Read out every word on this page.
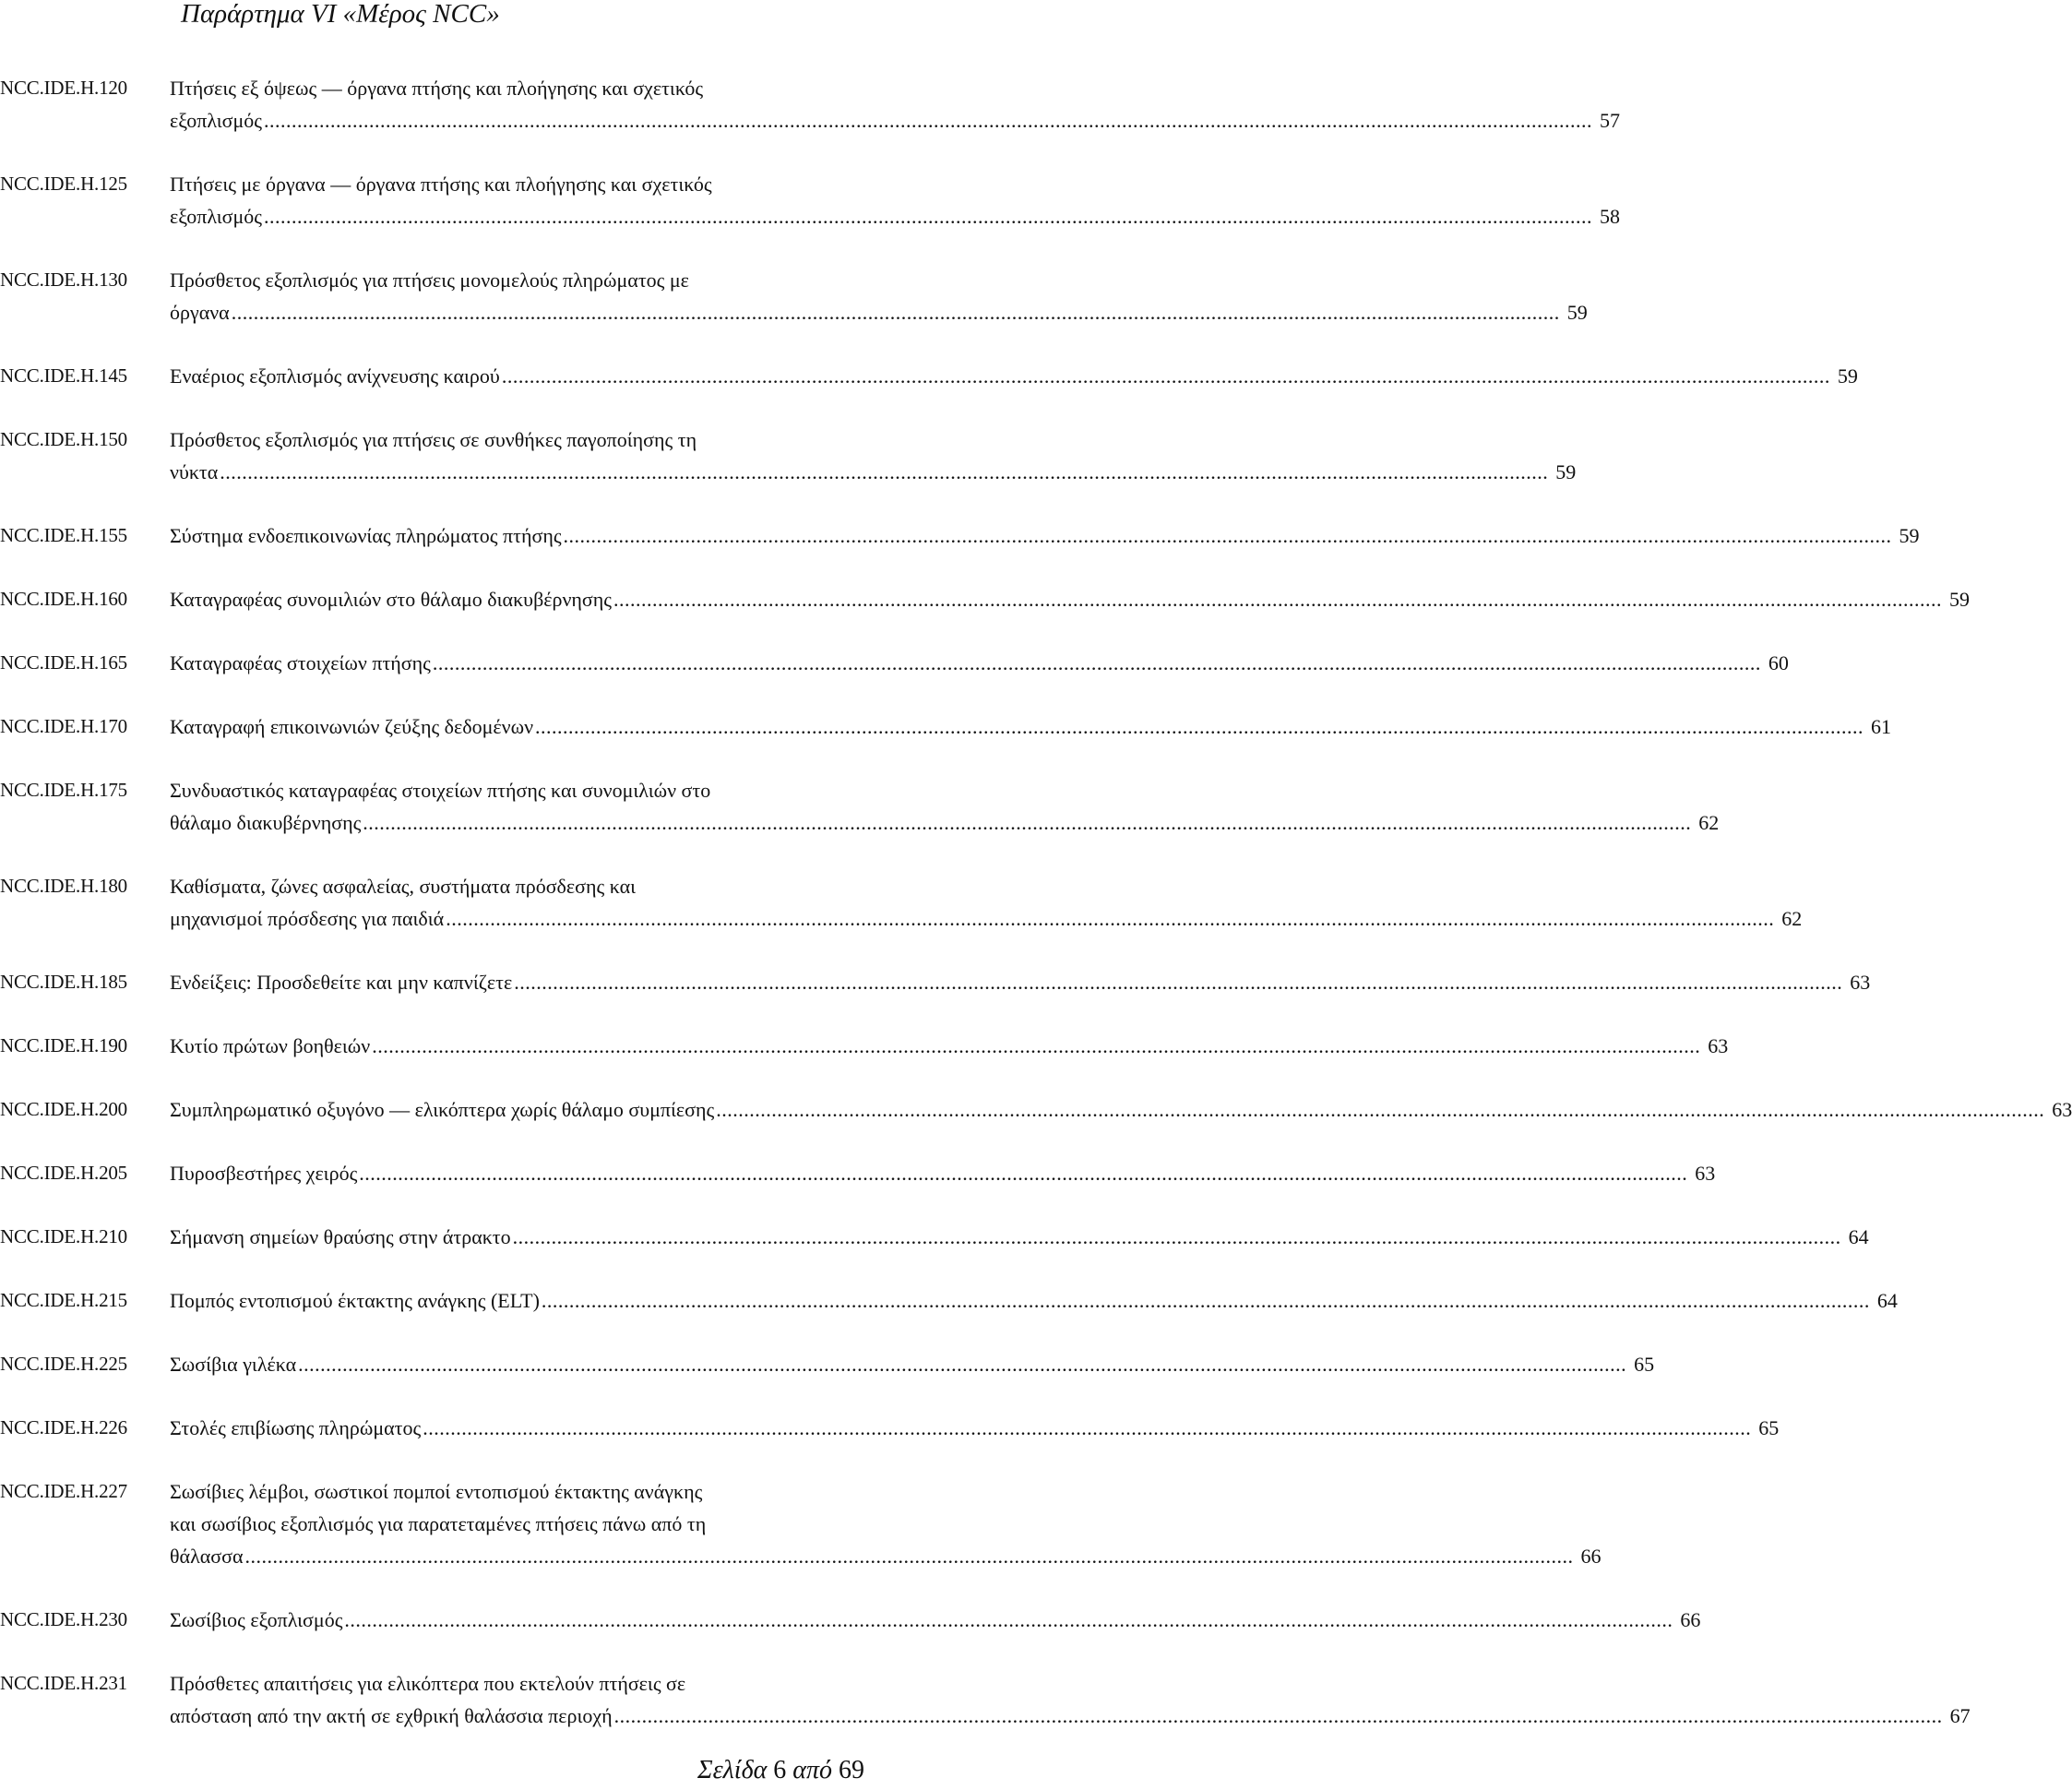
Παράρτημα VI «Μέρος NCC»
NCC.IDE.H.120	Πτήσεις εξ όψεως — όργανα πτήσης και πλοήγησης και σχετικός
εξοπλισμός .....	57
NCC.IDE.H.125	Πτήσεις με όργανα — όργανα πτήσης και πλοήγησης και σχετικός
εξοπλισμός .....	58
NCC.IDE.H.130	Πρόσθετος εξοπλισμός για πτήσεις μονομελούς πληρώματος με
όργανα .....	59
NCC.IDE.H.145	Εναέριος εξοπλισμός ανίχνευσης καιρού .....	59
NCC.IDE.H.150	Πρόσθετος εξοπλισμός για πτήσεις σε συνθήκες παγοποίησης τη
νύκτα .....	59
NCC.IDE.H.155	Σύστημα ενδοεπικοινωνίας πληρώματος πτήσης .....	59
NCC.IDE.H.160	Καταγραφέας συνομιλιών στο θάλαμο διακυβέρνησης .....	59
NCC.IDE.H.165	Καταγραφέας στοιχείων πτήσης .....	60
NCC.IDE.H.170	Καταγραφή επικοινωνιών ζεύξης δεδομένων .....	61
NCC.IDE.H.175	Συνδυαστικός καταγραφέας στοιχείων πτήσης και συνομιλιών στο
θάλαμο διακυβέρνησης .....	62
NCC.IDE.H.180	Καθίσματα, ζώνες ασφαλείας, συστήματα πρόσδεσης και
μηχανισμοί πρόσδεσης για παιδιά .....	62
NCC.IDE.H.185	Ενδείξεις: Προσδεθείτε και μην καπνίζετε .....	63
NCC.IDE.H.190	Κυτίο πρώτων βοηθειών .....	63
NCC.IDE.H.200	Συμπληρωματικό οξυγόνο — ελικόπτερα χωρίς θάλαμο συμπίεσης .....	63
NCC.IDE.H.205	Πυροσβεστήρες χειρός .....	63
NCC.IDE.H.210	Σήμανση σημείων θραύσης στην άτρακτο .....	64
NCC.IDE.H.215	Πομπός εντοπισμού έκτακτης ανάγκης (ELT) .....	64
NCC.IDE.H.225	Σωσίβια γιλέκα .....	65
NCC.IDE.H.226	Στολές επιβίωσης πληρώματος .....	65
NCC.IDE.H.227	Σωσίβιες λέμβοι, σωστικοί πομποί εντοπισμού έκτακτης ανάγκης
και σωσίβιος εξοπλισμός για παρατεταμένες πτήσεις πάνω από τη
θάλασσα .....	66
NCC.IDE.H.230	Σωσίβιος εξοπλισμός .....	66
NCC.IDE.H.231	Πρόσθετες απαιτήσεις για ελικόπτερα που εκτελούν πτήσεις σε
απόσταση από την ακτή σε εχθρική θαλάσσια περιοχή .....	67
Σελίδα 6 από 69
